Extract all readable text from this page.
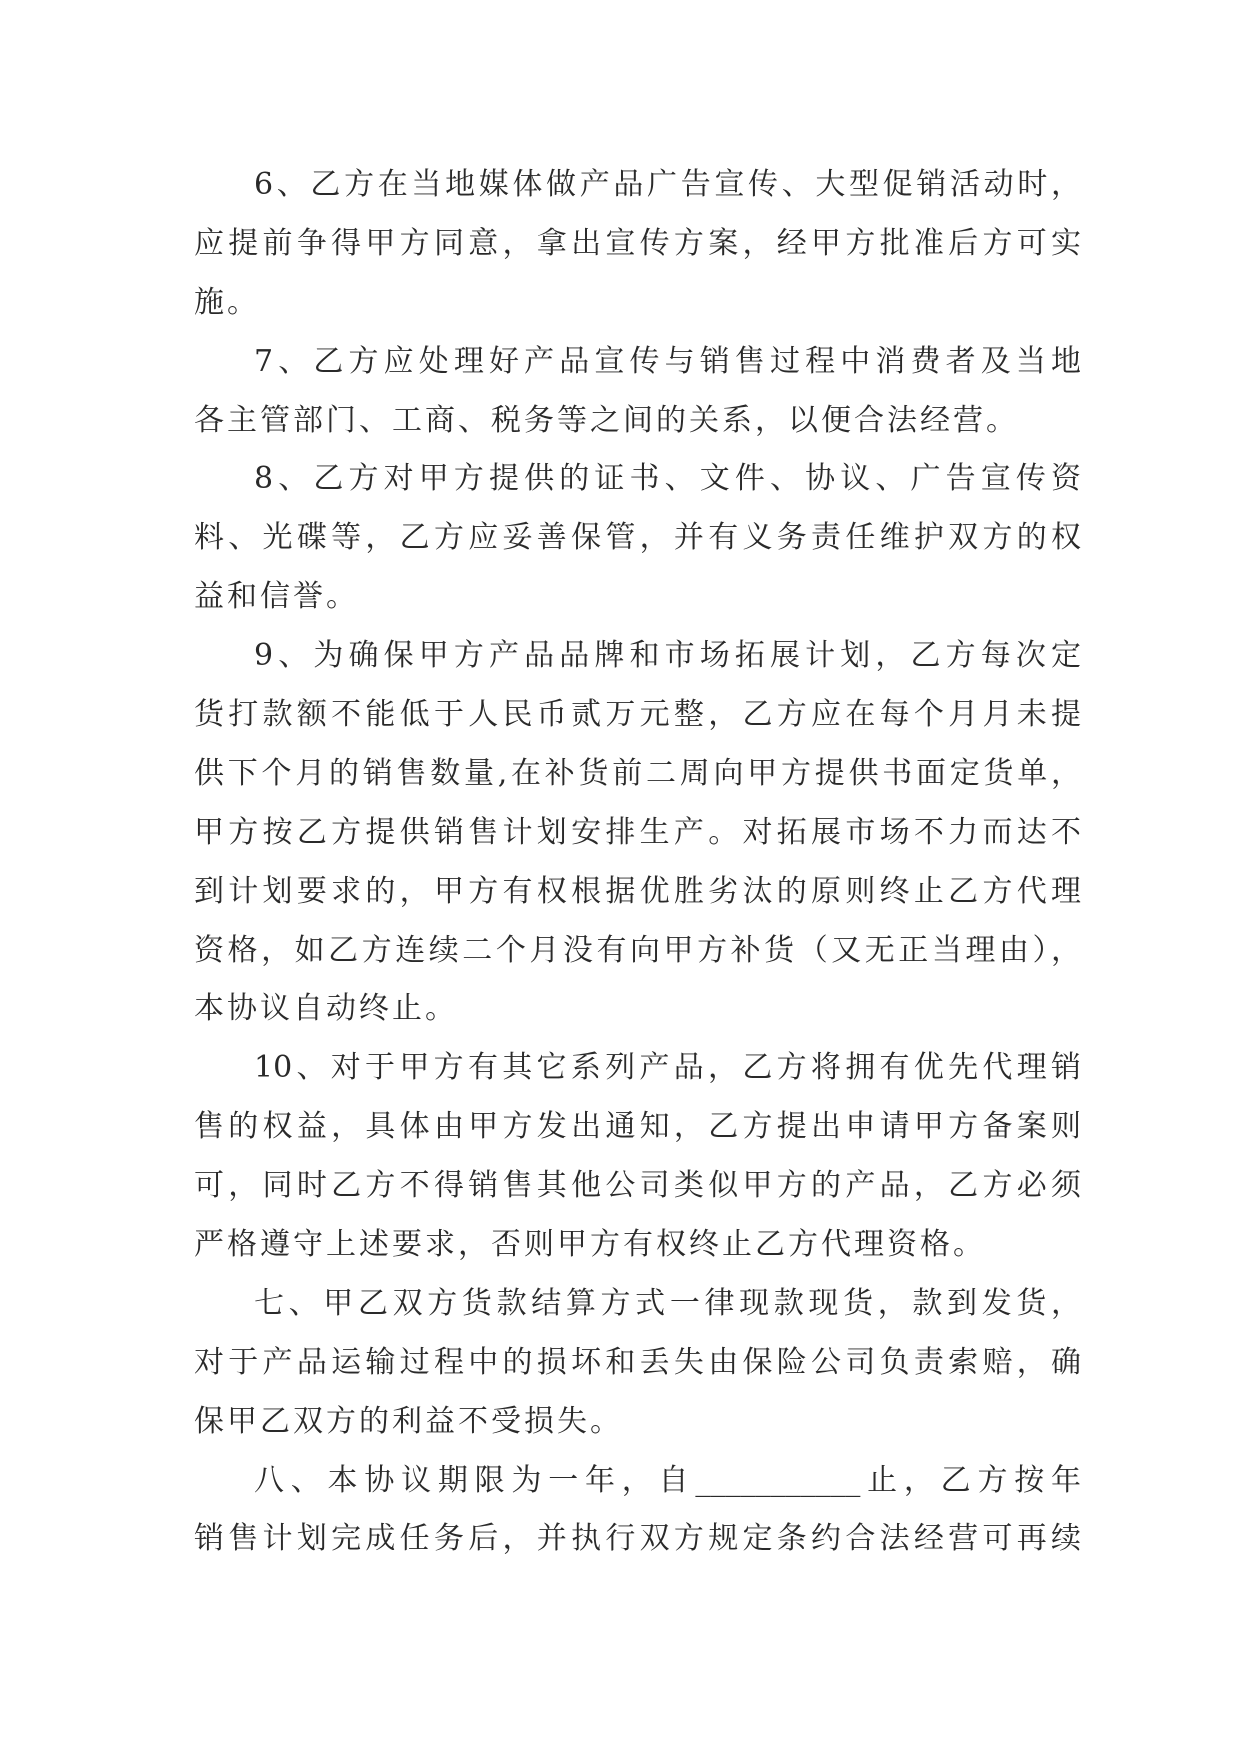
6、乙方在当地媒体做产品广告宣传、大型促销活动时，
应提前争得甲方同意，拿出宣传方案，经甲方批准后方可实
施。
7、乙方应处理好产品宣传与销售过程中消费者及当地
各主管部门、工商、税务等之间的关系，以便合法经营。
8、乙方对甲方提供的证书、文件、协议、广告宣传资
料、光碟等，乙方应妥善保管，并有义务责任维护双方的权
益和信誉。
9、为确保甲方产品品牌和市场拓展计划，乙方每次定
货打款额不能低于人民币贰万元整，乙方应在每个月月未提
供下个月的销售数量,在补货前二周向甲方提供书面定货单，
甲方按乙方提供销售计划安排生产。对拓展市场不力而达不
到计划要求的，甲方有权根据优胜劣汰的原则终止乙方代理
资格，如乙方连续二个月没有向甲方补货（又无正当理由），
本协议自动终止。
10、对于甲方有其它系列产品，乙方将拥有优先代理销
售的权益，具体由甲方发出通知，乙方提出申请甲方备案则
可，同时乙方不得销售其他公司类似甲方的产品，乙方必须
严格遵守上述要求，否则甲方有权终止乙方代理资格。
七、甲乙双方货款结算方式一律现款现货，款到发货，
对于产品运输过程中的损坏和丢失由保险公司负责索赔，确
保甲乙双方的利益不受损失。
八、本协议期限为一年，自___________止，乙方按年
销售计划完成任务后，并执行双方规定条约合法经营可再续
